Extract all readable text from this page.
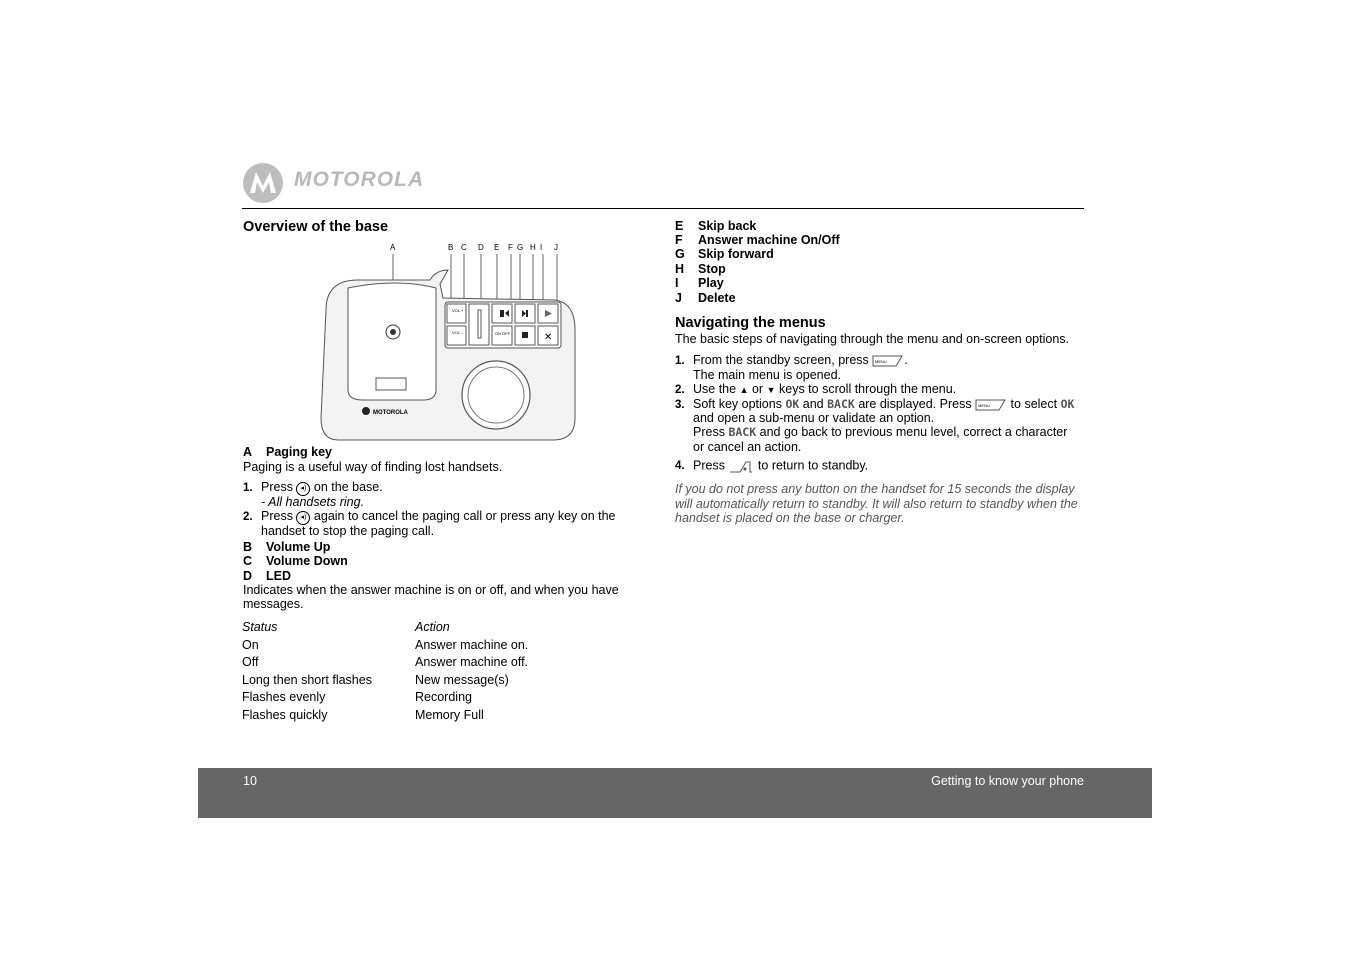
MOTOROLA
Overview of the base
A	B C D E F G H I J
VOL +
VOL –	ON OFF	✕
MOTOROLA
A Paging key
Paging is a useful way of finding lost handsets.
1. Press ◂) on the base.
- All handsets ring.
2. Press ◂) again to cancel the paging call or press any key on the
handset to stop the paging call.
B Volume Up
C Volume Down
D LED
Indicates when the answer machine is on or off, and when you have
messages.
Status	Action
On	Answer machine on.
Off	Answer machine off.
Long then short flashes	New message(s)
Flashes evenly	Recording
Flashes quickly	Memory Full
E Skip back
F Answer machine On/Off
G Skip forward
H Stop
I Play
J Delete
Navigating the menus
The basic steps of navigating through the menu and on-screen options.
1. From the standby screen, press MENU .
The main menu is opened.
2. Use the ▲ or ▼ keys to scroll through the menu.
3. Soft key options OK and BACK are displayed. Press MENU to select OK
and open a sub-menu or validate an option.
Press BACK and go back to previous menu level, correct a character
or cancel an action.
4. Press	to return to standby.
If you do not press any button on the handset for 15 seconds the display
will automatically return to standby. It will also return to standby when the
handset is placed on the base or charger.
10	Getting to know your phone
